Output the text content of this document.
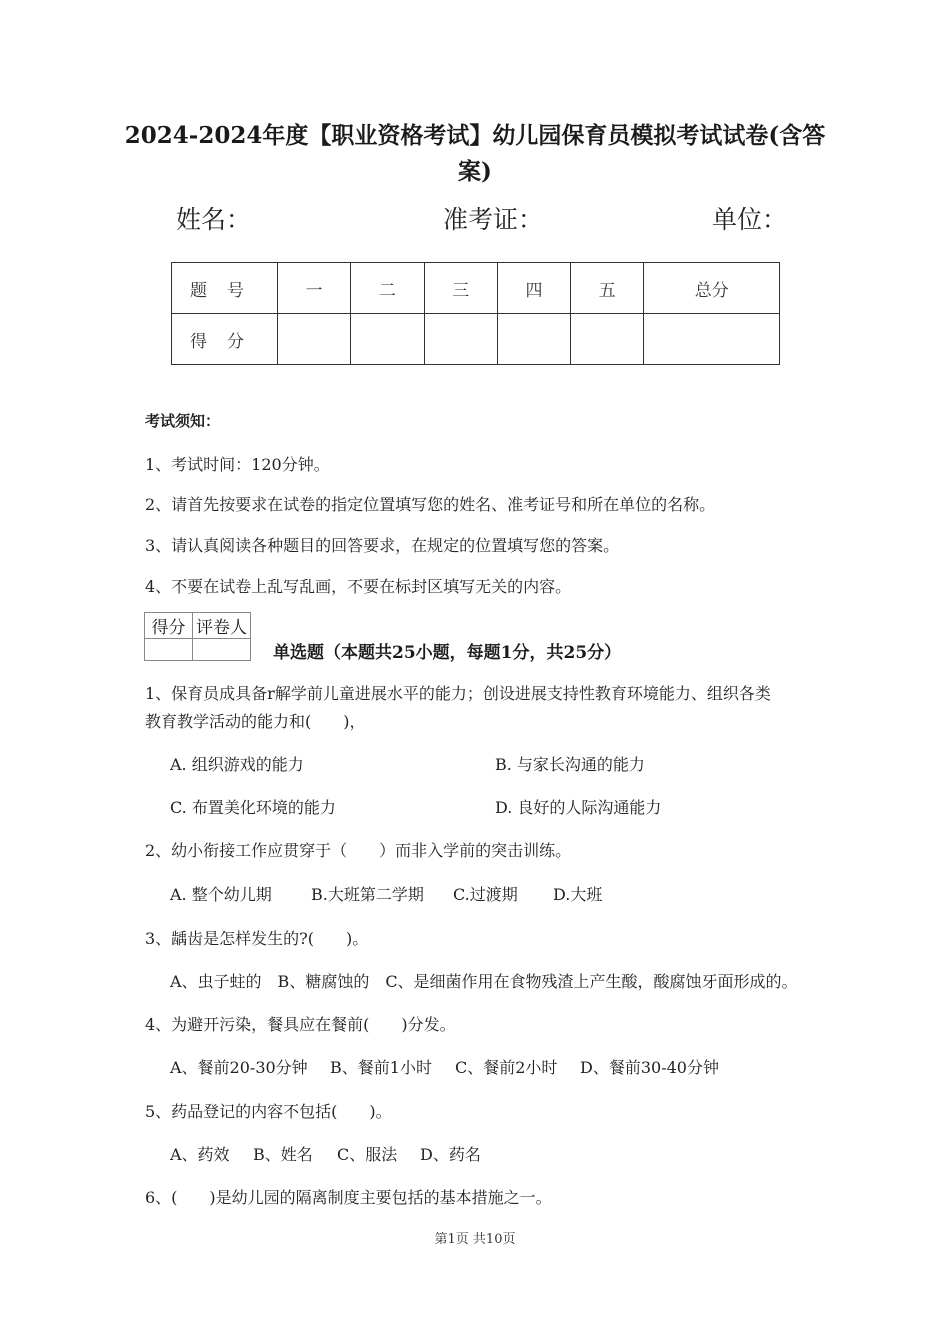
2024-2024年度【职业资格考试】幼儿园保育员模拟考试试卷(含答
案)
姓名：	准考证：	单位：
题号	一	二	三	四	五	总分
得分						
考试须知：
1、考试时间：120分钟。
2、请首先按要求在试卷的指定位置填写您的姓名、准考证号和所在单位的名称。
3、请认真阅读各种题目的回答要求，在规定的位置填写您的答案。
4、不要在试卷上乱写乱画，不要在标封区填写无关的内容。
得分	评卷人

单选题（本题共25小题，每题1分，共25分）
1、保育员成具备r解学前儿童进展水平的能力；创设进展支持性教育环境能力、组织各类
教育教学活动的能力和(　　)，
A. 组织游戏的能力	B. 与家长沟通的能力
C. 布置美化环境的能力	D. 良好的人际沟通能力
2、幼小衔接工作应贯穿于（　　）而非入学前的突击训练。
A. 整个幼儿期 B.大班第二学期 C.过渡期 D.大班
3、龋齿是怎样发生的?(　　)。
A、虫子蛀的　B、糖腐蚀的　C、是细菌作用在食物残渣上产生酸，酸腐蚀牙面形成的。
4、为避开污染，餐具应在餐前(　　)分发。
A、餐前20-30分钟 B、餐前1小时 C、餐前2小时 D、餐前30-40分钟
5、药品登记的内容不包括(　　)。
A、药效 B、姓名 C、服法 D、药名
6、(　　)是幼儿园的隔离制度主要包括的基本措施之一。
第1页 共10页
